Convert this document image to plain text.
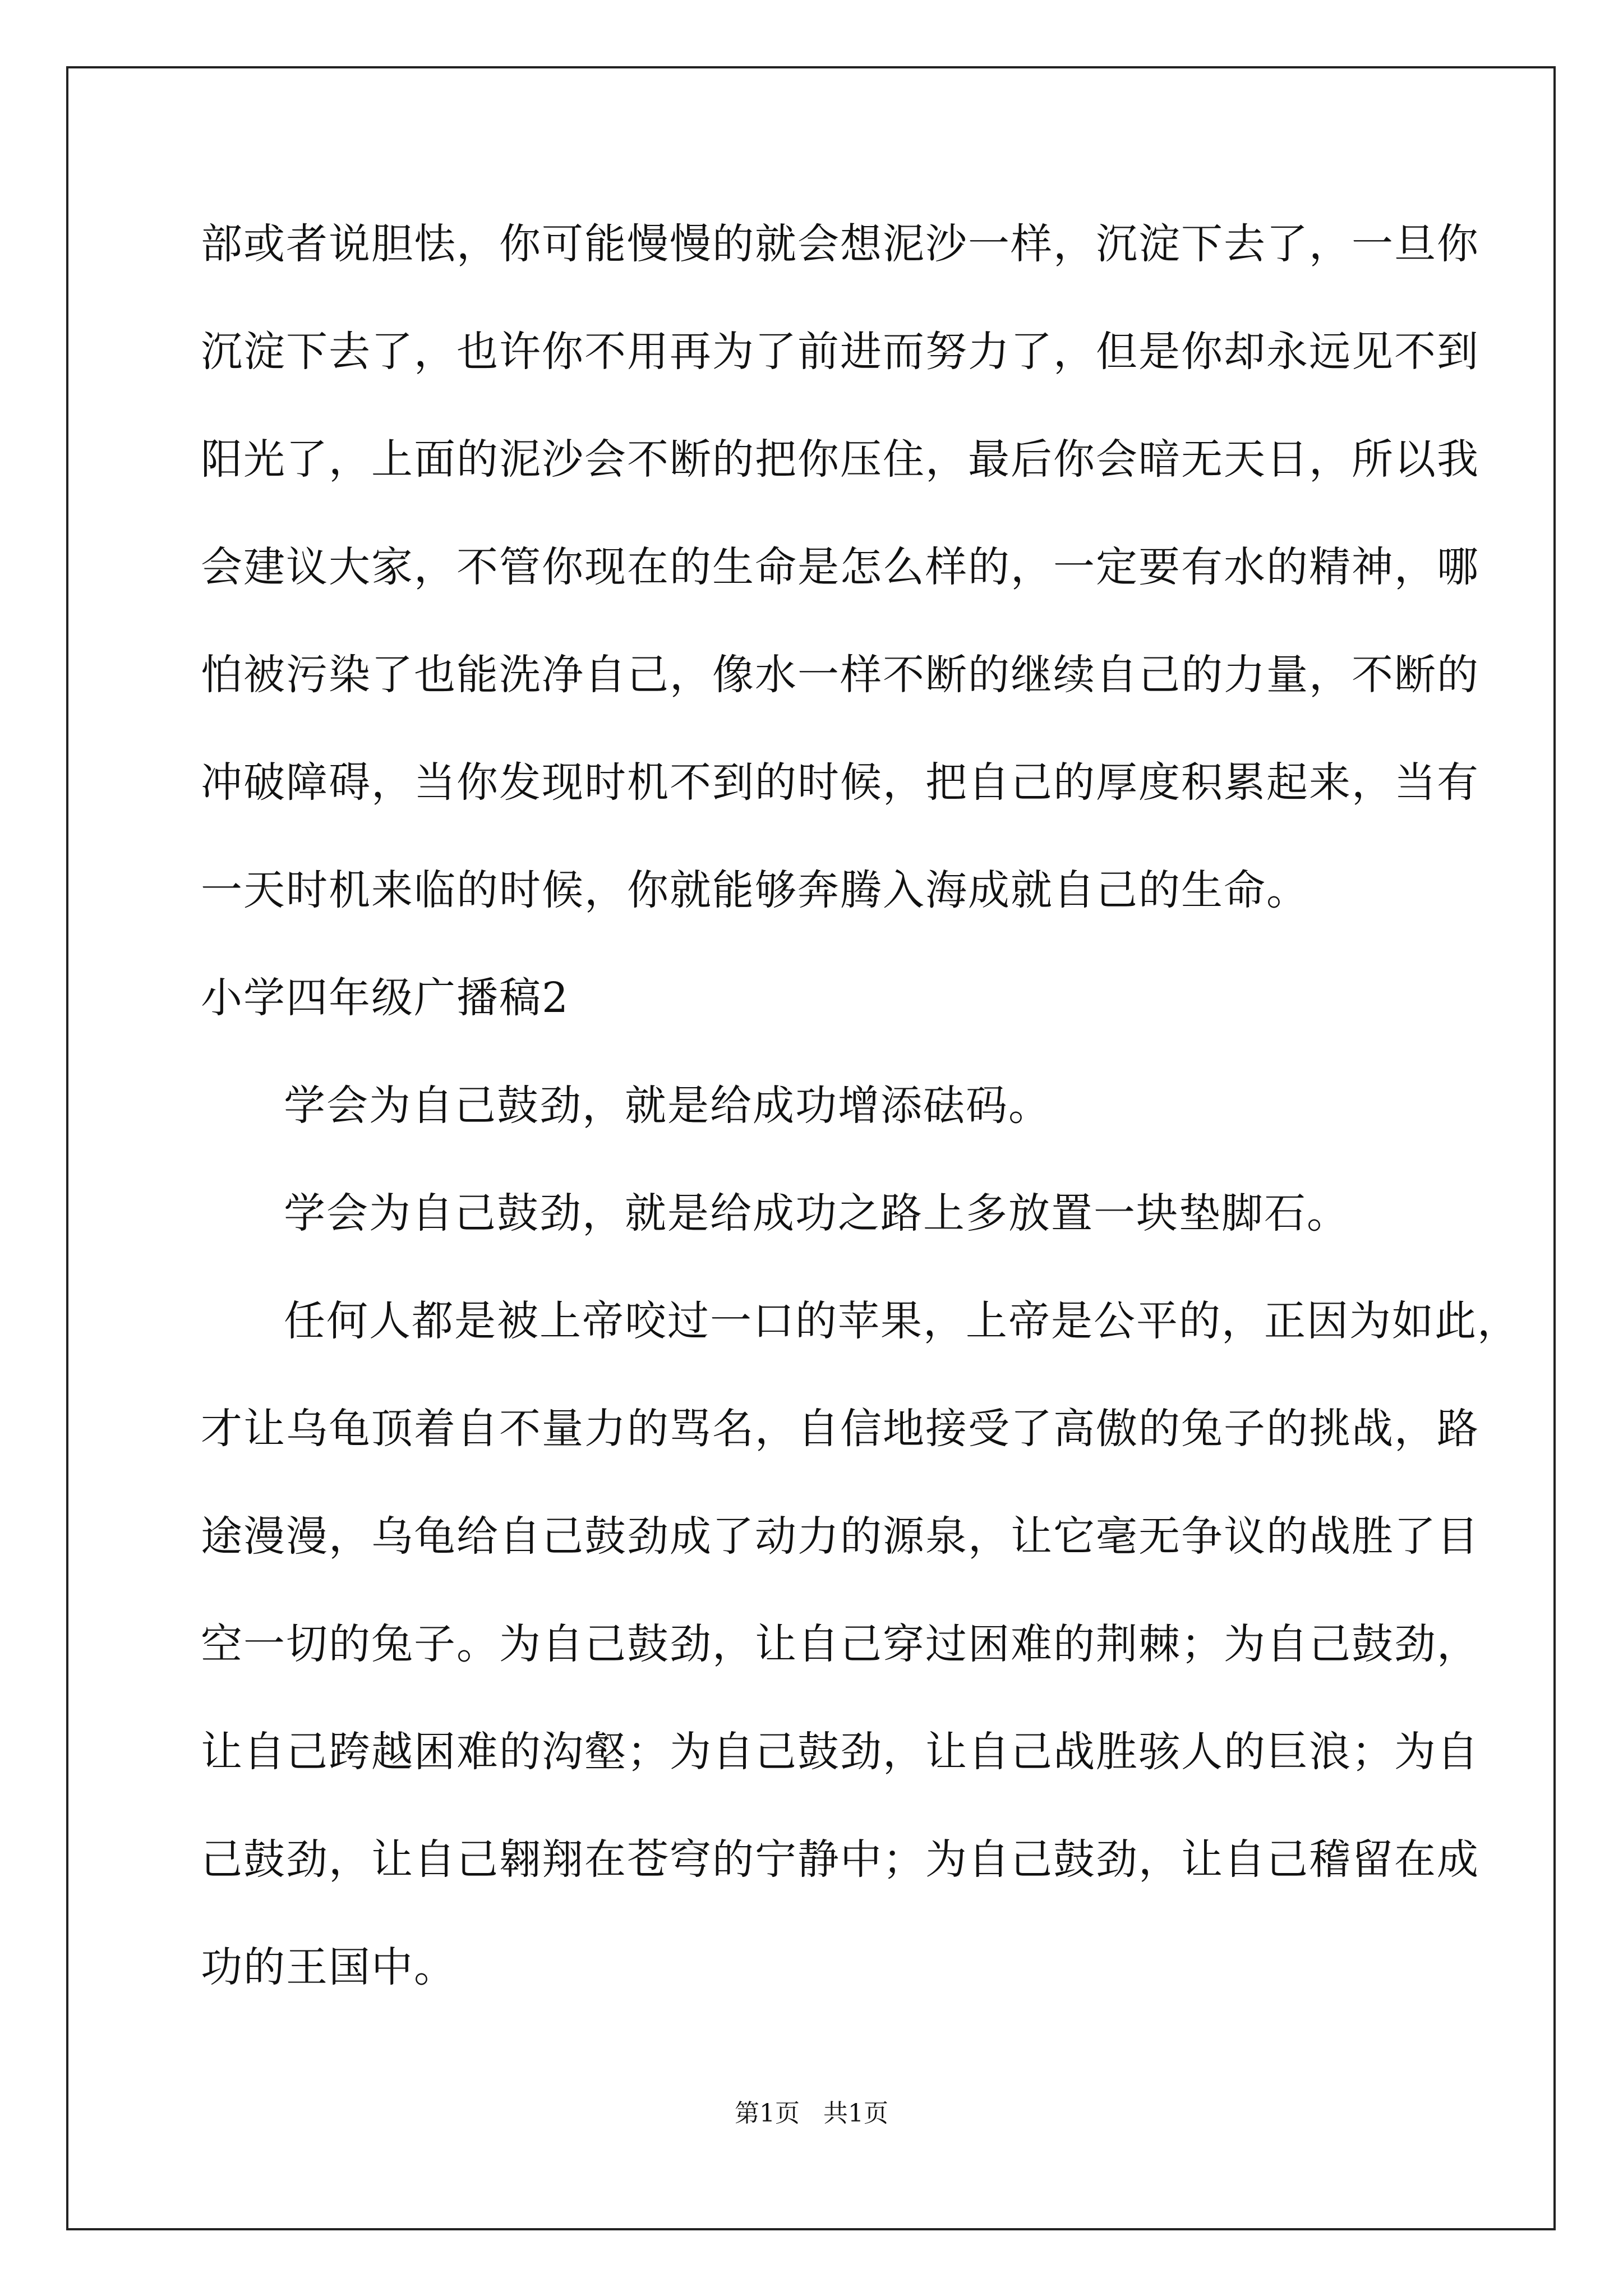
部或者说胆怯，你可能慢慢的就会想泥沙一样，沉淀下去了，一旦你
沉淀下去了，也许你不用再为了前进而努力了，但是你却永远见不到
阳光了，上面的泥沙会不断的把你压住，最后你会暗无天日，所以我
会建议大家，不管你现在的生命是怎么样的，一定要有水的精神，哪
怕被污染了也能洗净自己，像水一样不断的继续自己的力量，不断的
冲破障碍，当你发现时机不到的时候，把自己的厚度积累起来，当有
一天时机来临的时候，你就能够奔腾入海成就自己的生命。
小学四年级广播稿2
学会为自己鼓劲，就是给成功增添砝码。
学会为自己鼓劲，就是给成功之路上多放置一块垫脚石。
任何人都是被上帝咬过一口的苹果，上帝是公平的，正因为如此，
才让乌龟顶着自不量力的骂名，自信地接受了高傲的兔子的挑战，路
途漫漫，乌龟给自己鼓劲成了动力的源泉，让它毫无争议的战胜了目
空一切的兔子。为自己鼓劲，让自己穿过困难的荆棘；为自己鼓劲，
让自己跨越困难的沟壑；为自己鼓劲，让自己战胜骇人的巨浪；为自
己鼓劲，让自己翱翔在苍穹的宁静中；为自己鼓劲，让自己稽留在成
功的王国中。
第1页   共1页
